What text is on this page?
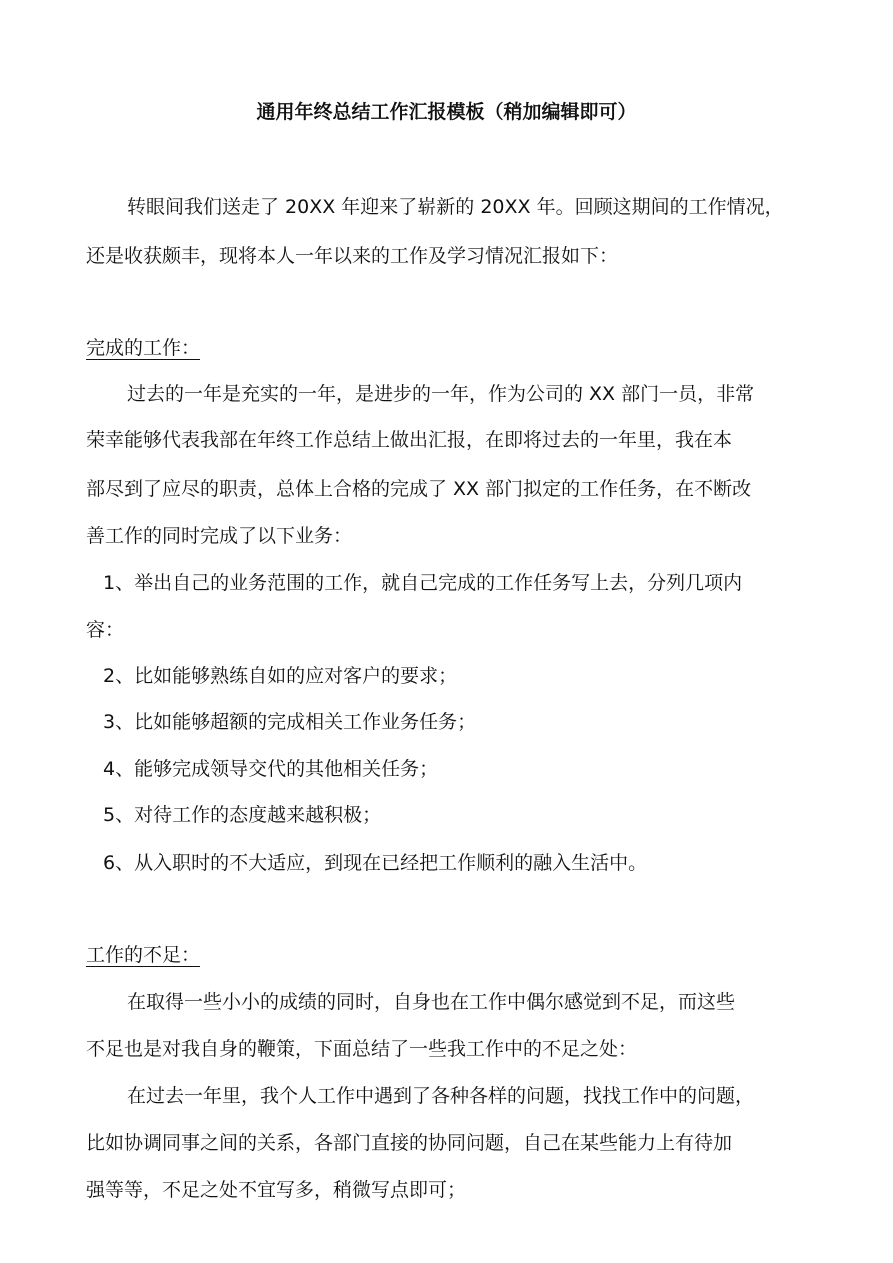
通用年终总结工作汇报模板（稍加编辑即可）
转眼间我们送走了 20XX 年迎来了崭新的 20XX 年。回顾这期间的工作情况，
还是收获颇丰，现将本人一年以来的工作及学习情况汇报如下：
完成的工作：
过去的一年是充实的一年，是进步的一年，作为公司的 XX 部门一员，非常
荣幸能够代表我部在年终工作总结上做出汇报，在即将过去的一年里，我在本
部尽到了应尽的职责，总体上合格的完成了 XX 部门拟定的工作任务，在不断改
善工作的同时完成了以下业务：
1、举出自己的业务范围的工作，就自己完成的工作任务写上去，分列几项内
容：
2、比如能够熟练自如的应对客户的要求；
3、比如能够超额的完成相关工作业务任务；
4、能够完成领导交代的其他相关任务；
5、对待工作的态度越来越积极；
6、从入职时的不大适应，到现在已经把工作顺利的融入生活中。
工作的不足：
在取得一些小小的成绩的同时，自身也在工作中偶尔感觉到不足，而这些
不足也是对我自身的鞭策，下面总结了一些我工作中的不足之处：
在过去一年里，我个人工作中遇到了各种各样的问题，找找工作中的问题，
比如协调同事之间的关系，各部门直接的协同问题，自己在某些能力上有待加
强等等，不足之处不宜写多，稍微写点即可；
